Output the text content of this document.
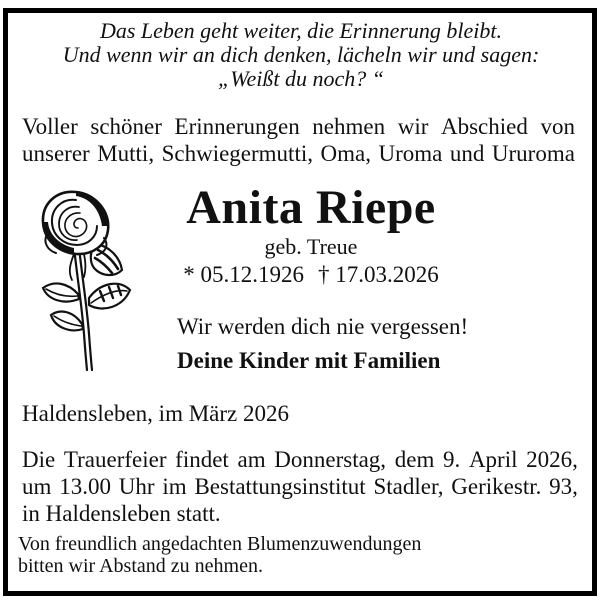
Das Leben geht weiter, die Erinnerung bleibt.
Und wenn wir an dich denken, lächeln wir und sagen:
„Weißt du noch? “
Voller schöner Erinnerungen nehmen wir Abschied von
unserer Mutti, Schwiegermutti, Oma, Uroma und Ururoma
Anita Riepe
geb. Treue
* 05.12.1926 † 17.03.2026
Wir werden dich nie vergessen!
Deine Kinder mit Familien
Haldensleben, im März 2026
Die Trauerfeier findet am Donnerstag, dem 9. April 2026,
um 13.00 Uhr im Bestattungsinstitut Stadler, Gerikestr. 93,
in Haldensleben statt.
Von freundlich angedachten Blumenzuwendungen
bitten wir Abstand zu nehmen.
